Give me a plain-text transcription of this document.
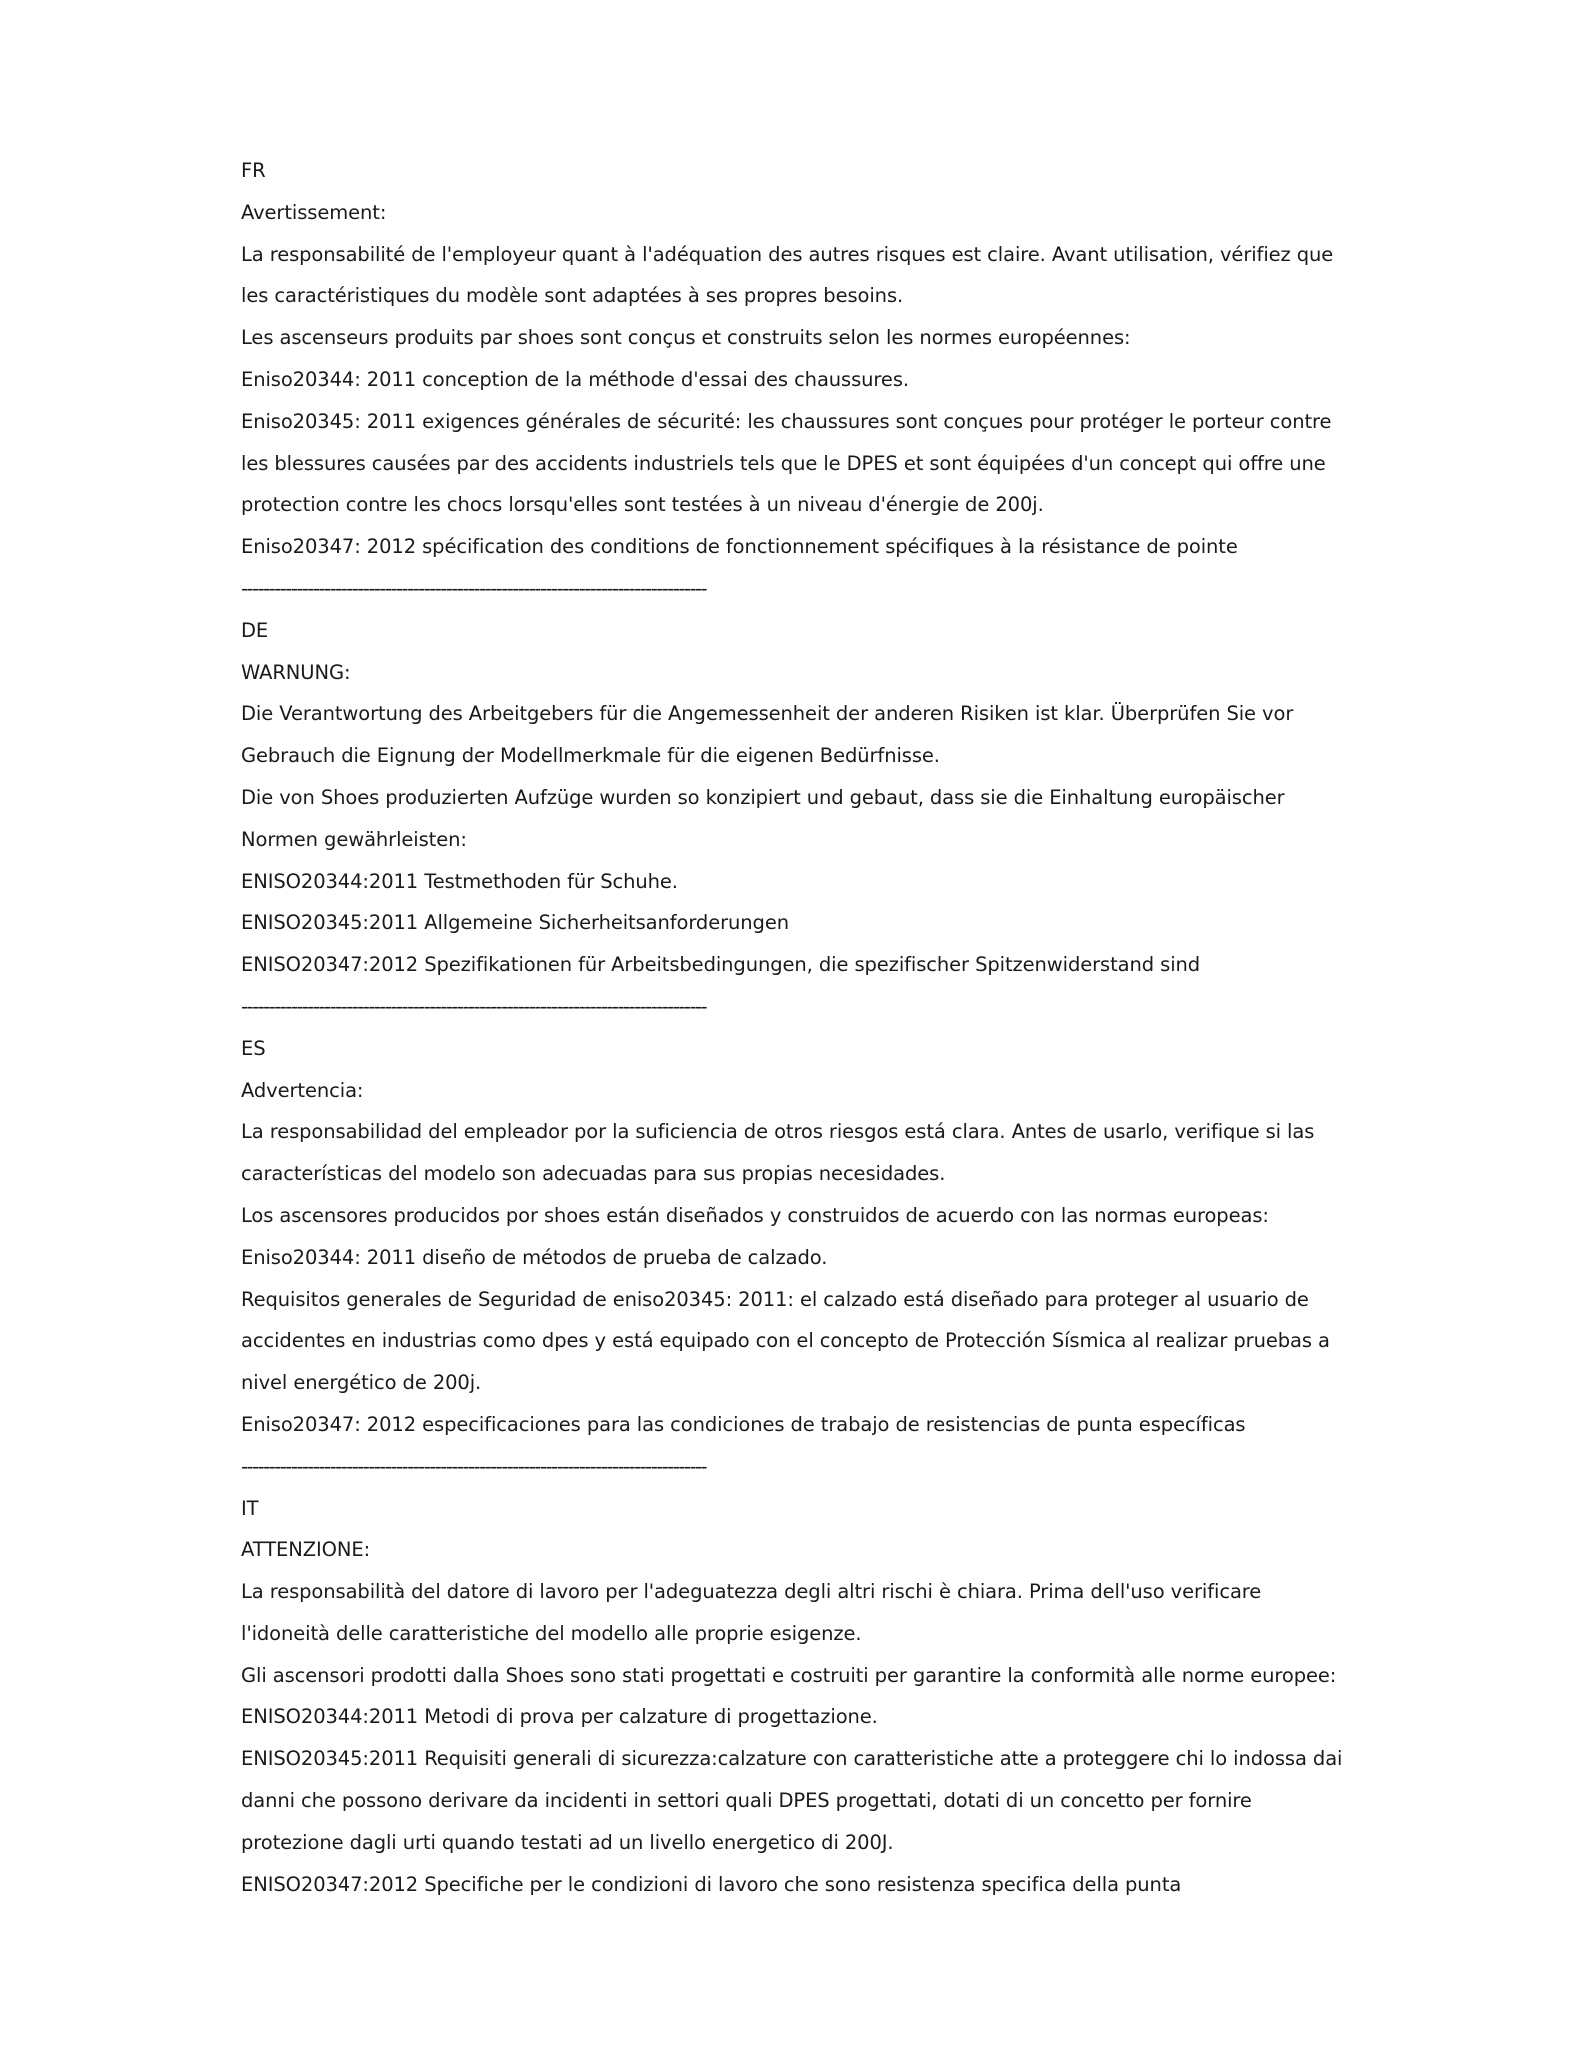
FR
Avertissement:
La responsabilité de l'employeur quant à l'adéquation des autres risques est claire. Avant utilisation, vérifiez que
les caractéristiques du modèle sont adaptées à ses propres besoins.
Les ascenseurs produits par shoes sont conçus et construits selon les normes européennes:
Eniso20344: 2011 conception de la méthode d'essai des chaussures.
Eniso20345: 2011 exigences générales de sécurité: les chaussures sont conçues pour protéger le porteur contre
les blessures causées par des accidents industriels tels que le DPES et sont équipées d'un concept qui offre une
protection contre les chocs lorsqu'elles sont testées à un niveau d'énergie de 200j.
Eniso20347: 2012 spécification des conditions de fonctionnement spécifiques à la résistance de pointe
------------------------------------------------------------------------------------
DE
WARNUNG:
Die Verantwortung des Arbeitgebers für die Angemessenheit der anderen Risiken ist klar. Überprüfen Sie vor
Gebrauch die Eignung der Modellmerkmale für die eigenen Bedürfnisse.
Die von Shoes produzierten Aufzüge wurden so konzipiert und gebaut, dass sie die Einhaltung europäischer
Normen gewährleisten:
ENISO20344:2011 Testmethoden für Schuhe.
ENISO20345:2011 Allgemeine Sicherheitsanforderungen
ENISO20347:2012 Spezifikationen für Arbeitsbedingungen, die spezifischer Spitzenwiderstand sind
------------------------------------------------------------------------------------
ES
Advertencia:
La responsabilidad del empleador por la suficiencia de otros riesgos está clara. Antes de usarlo, verifique si las
características del modelo son adecuadas para sus propias necesidades.
Los ascensores producidos por shoes están diseñados y construidos de acuerdo con las normas europeas:
Eniso20344: 2011 diseño de métodos de prueba de calzado.
Requisitos generales de Seguridad de eniso20345: 2011: el calzado está diseñado para proteger al usuario de
accidentes en industrias como dpes y está equipado con el concepto de Protección Sísmica al realizar pruebas a
nivel energético de 200j.
Eniso20347: 2012 especificaciones para las condiciones de trabajo de resistencias de punta específicas
------------------------------------------------------------------------------------
IT
ATTENZIONE:
La responsabilità del datore di lavoro per l'adeguatezza degli altri rischi è chiara. Prima dell'uso verificare
l'idoneità delle caratteristiche del modello alle proprie esigenze.
Gli ascensori prodotti dalla Shoes sono stati progettati e costruiti per garantire la conformità alle norme europee:
ENISO20344:2011 Metodi di prova per calzature di progettazione.
ENISO20345:2011 Requisiti generali di sicurezza:calzature con caratteristiche atte a proteggere chi lo indossa dai
danni che possono derivare da incidenti in settori quali DPES progettati, dotati di un concetto per fornire
protezione dagli urti quando testati ad un livello energetico di 200J.
ENISO20347:2012 Specifiche per le condizioni di lavoro che sono resistenza specifica della punta
